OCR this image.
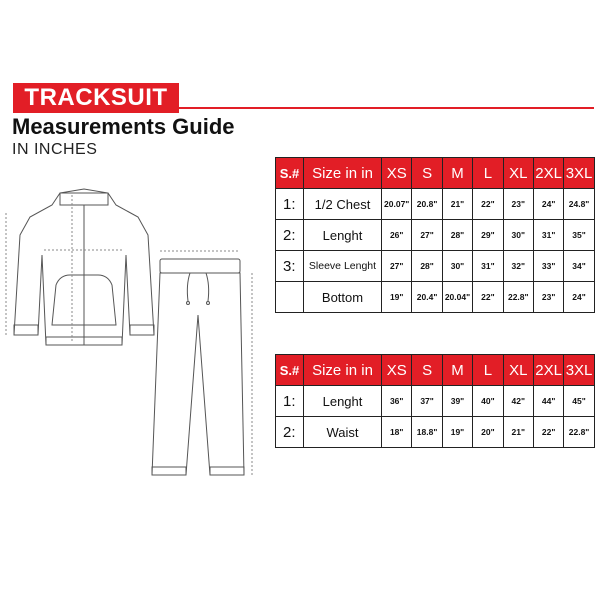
TRACKSUIT
Measurements Guide
IN INCHES
S.#	Size in in	XS	S	M	L	XL	2XL	3XL
1:	1/2 Chest	20.07"	20.8"	21"	22"	23"	24"	24.8"
2:	Lenght	26"	27"	28"	29"	30"	31"	35"
3:	Sleeve Lenght	27"	28"	30"	31"	32"	33"	34"
	Bottom	19"	20.4"	20.04"	22"	22.8"	23"	24"
S.#	Size in in	XS	S	M	L	XL	2XL	3XL
1:	Lenght	36"	37"	39"	40"	42"	44"	45"
2:	Waist	18"	18.8"	19"	20"	21"	22"	22.8"
